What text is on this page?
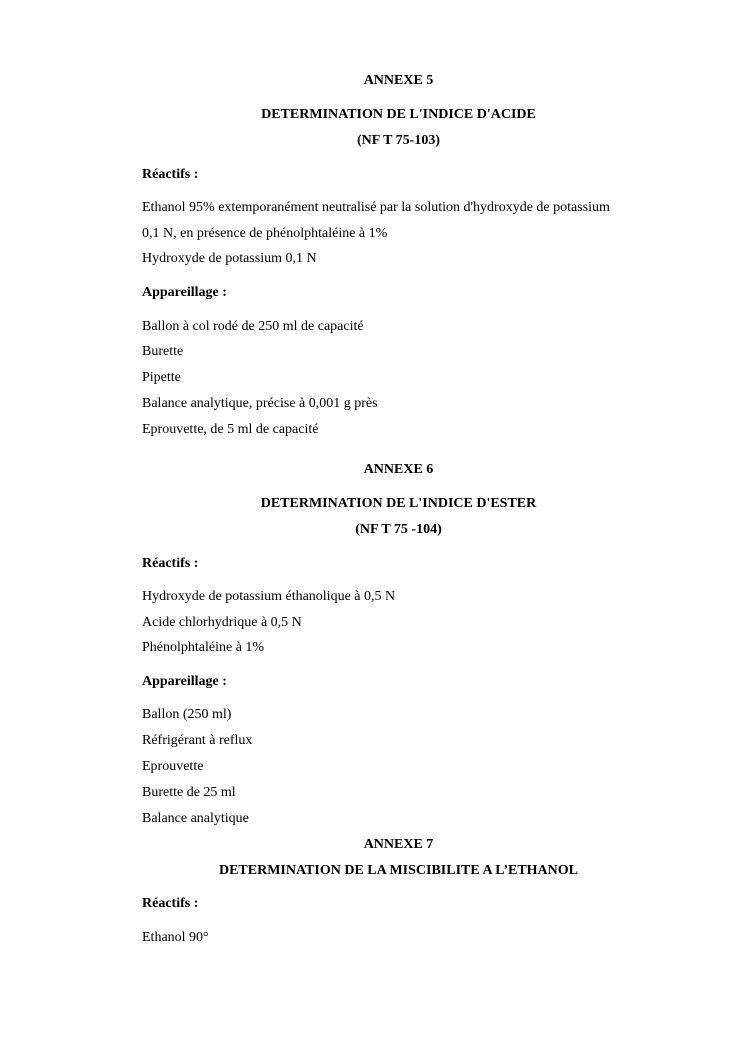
ANNEXE 5

DETERMINATION DE L'INDICE D'ACIDE

(NF T 75-103)

Réactifs :

Ethanol 95% extemporanément neutralisé par la solution d'hydroxyde de potassium

0,1 N, en présence de phénolphtaléine à 1%

Hydroxyde de potassium 0,1 N

Appareillage :

Ballon à col rodé de 250 ml de capacité

Burette

Pipette

Balance analytique, précise à 0,001 g près

Eprouvette, de 5 ml de capacité

ANNEXE 6

DETERMINATION DE L'INDICE D'ESTER

(NF T 75 -104)

Réactifs :

Hydroxyde de potassium éthanolique à 0,5 N

Acide chlorhydrique à 0,5 N

Phénolphtaléine à 1%

Appareillage :

Ballon (250 ml)

Réfrigérant à reflux

Eprouvette

Burette de 25 ml

Balance analytique

ANNEXE 7

DETERMINATION DE LA MISCIBILITE A L’ETHANOL

Réactifs :

Ethanol 90°
